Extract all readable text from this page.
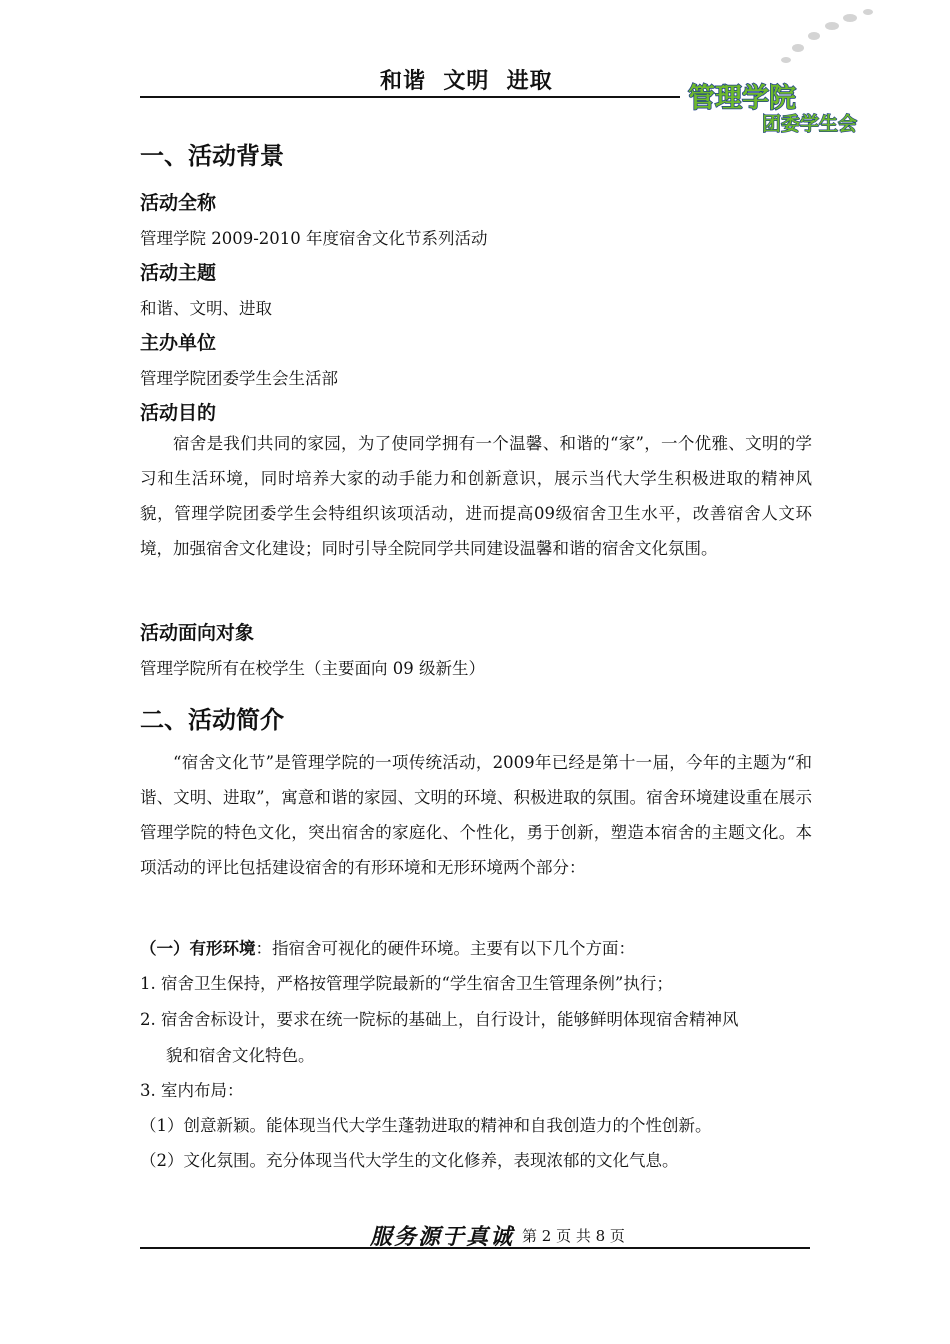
和谐  文明  进取
管理学院
团委学生会
一、活动背景
活动全称
管理学院 2009-2010 年度宿舍文化节系列活动
活动主题
和谐、文明、进取
主办单位
管理学院团委学生会生活部
活动目的
宿舍是我们共同的家园，为了使同学拥有一个温馨、和谐的“家”，一个优雅、文明的学习和生活环境，同时培养大家的动手能力和创新意识，展示当代大学生积极进取的精神风貌，管理学院团委学生会特组织该项活动，进而提高09级宿舍卫生水平，改善宿舍人文环境，加强宿舍文化建设；同时引导全院同学共同建设温馨和谐的宿舍文化氛围。
活动面向对象
管理学院所有在校学生（主要面向 09 级新生）
二、活动简介
“宿舍文化节”是管理学院的一项传统活动，2009年已经是第十一届，今年的主题为“和谐、文明、进取”，寓意和谐的家园、文明的环境、积极进取的氛围。宿舍环境建设重在展示管理学院的特色文化，突出宿舍的家庭化、个性化，勇于创新，塑造本宿舍的主题文化。本项活动的评比包括建设宿舍的有形环境和无形环境两个部分：
（一）有形环境：指宿舍可视化的硬件环境。主要有以下几个方面：
1. 宿舍卫生保持，严格按管理学院最新的“学生宿舍卫生管理条例”执行；
2. 宿舍舍标设计，要求在统一院标的基础上，自行设计，能够鲜明体现宿舍精神风
貌和宿舍文化特色。
3. 室内布局：
（1）创意新颖。能体现当代大学生蓬勃进取的精神和自我创造力的个性创新。
（2）文化氛围。充分体现当代大学生的文化修养，表现浓郁的文化气息。
服务源于真诚 第 2 页 共 8 页
